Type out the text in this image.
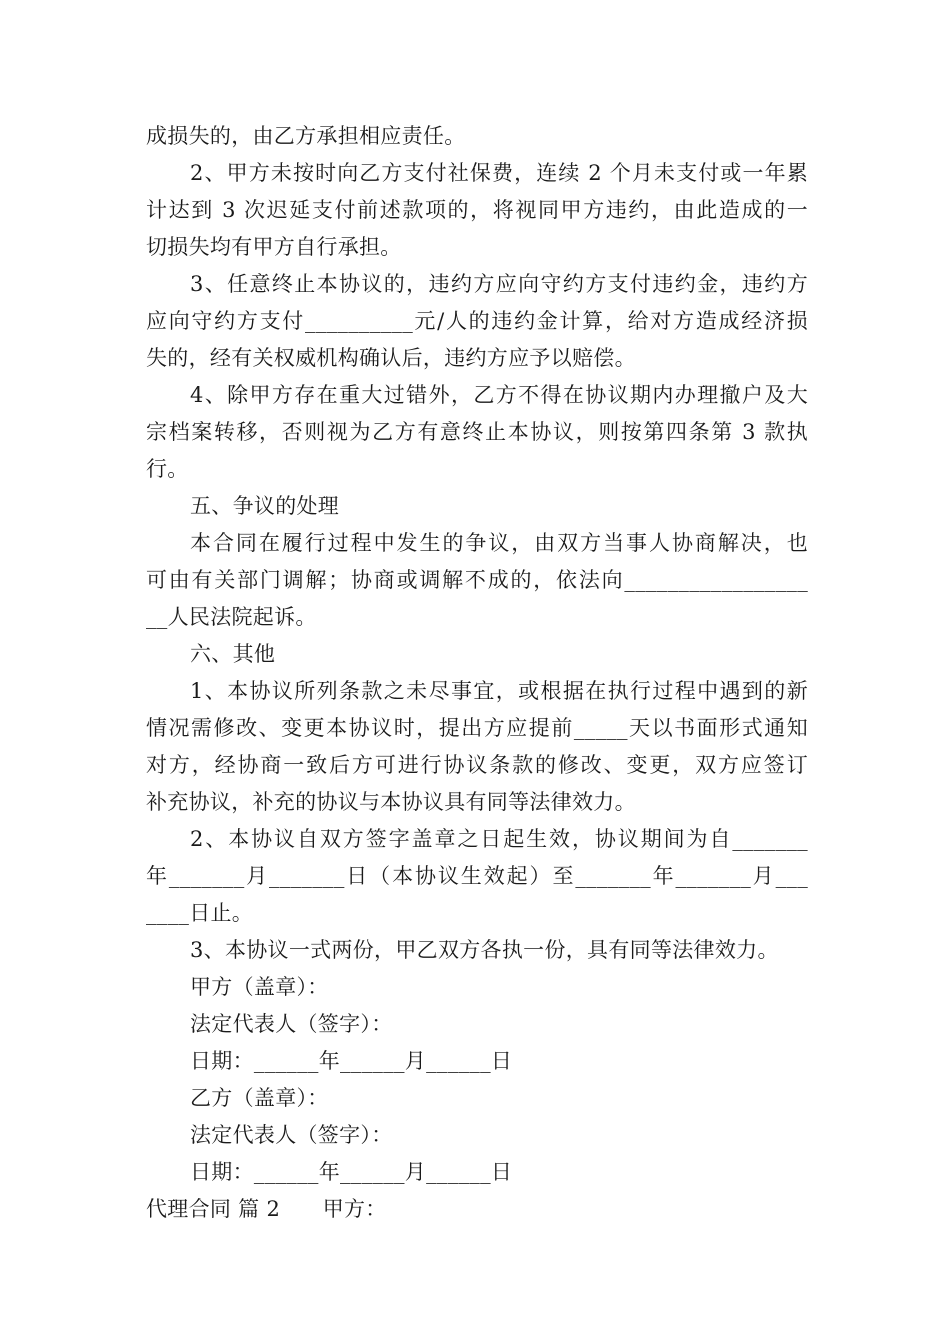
成损失的，由乙方承担相应责任。
2、甲方未按时向乙方支付社保费，连续 2 个月未支付或一年累
计达到 3 次迟延支付前述款项的，将视同甲方违约，由此造成的一
切损失均有甲方自行承担。
3、任意终止本协议的，违约方应向守约方支付违约金，违约方
应向守约方支付__________元/人的违约金计算，给对方造成经济损
失的，经有关权威机构确认后，违约方应予以赔偿。
4、除甲方存在重大过错外，乙方不得在协议期内办理撤户及大
宗档案转移，否则视为乙方有意终止本协议，则按第四条第 3 款执
行。
五、争议的处理
本合同在履行过程中发生的争议，由双方当事人协商解决，也
可由有关部门调解；协商或调解不成的，依法向_________________
__人民法院起诉。
六、其他
1、本协议所列条款之未尽事宜，或根据在执行过程中遇到的新
情况需修改、变更本协议时，提出方应提前_____天以书面形式通知
对方，经协商一致后方可进行协议条款的修改、变更，双方应签订
补充协议，补充的协议与本协议具有同等法律效力。
2、本协议自双方签字盖章之日起生效，协议期间为自_______
年_______月_______日（本协议生效起）至_______年_______月___
____日止。
3、本协议一式两份，甲乙双方各执一份，具有同等法律效力。
甲方（盖章）：
法定代表人（签字）：
日期：______年______月______日
乙方（盖章）：
法定代表人（签字）：
日期：______年______月______日
代理合同 篇 2　　甲方：
